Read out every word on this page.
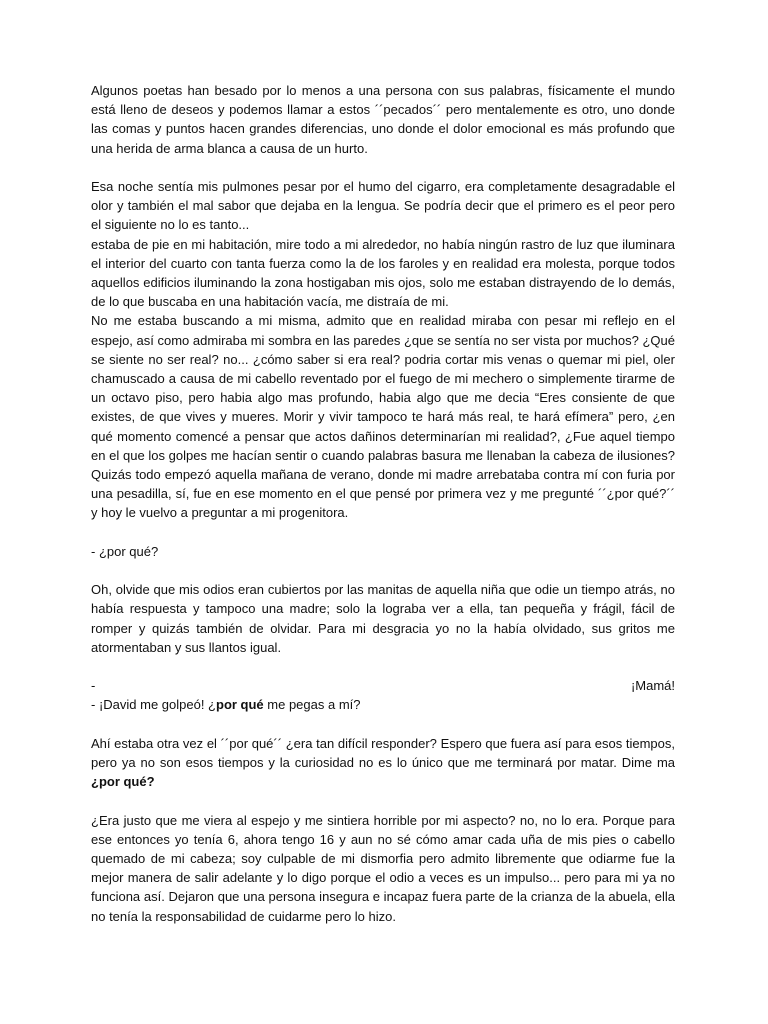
Algunos poetas han besado por lo menos a una persona con sus palabras, físicamente el mundo está lleno de deseos y podemos llamar a estos ´´pecados´´ pero mentalemente es otro, uno donde las comas y puntos hacen grandes diferencias, uno donde el dolor emocional es más profundo que una herida de arma blanca a causa de un hurto.

Esa noche sentía mis pulmones pesar por el humo del cigarro, era completamente desagradable el olor y también el mal sabor que dejaba en la lengua. Se podría decir que el primero es el peor pero el siguiente no lo es tanto...

estaba de pie en mi habitación, mire todo a mi alrededor, no había ningún rastro de luz que iluminara el interior del cuarto con tanta fuerza como la de los faroles y en realidad era molesta, porque todos aquellos edificios iluminando la zona hostigaban mis ojos, solo me estaban distrayendo de lo demás, de lo que buscaba en una habitación vacía, me distraía de mi.

No me estaba buscando a mi misma, admito que en realidad miraba con pesar mi reflejo en el espejo, así como admiraba mi sombra en las paredes ¿que se sentía no ser vista por muchos? ¿Qué se siente no ser real? no... ¿cómo saber si era real? podria cortar mis venas o quemar mi piel, oler chamuscado a causa de mi cabello reventado por el fuego de mi mechero o simplemente tirarme de un octavo piso, pero habia algo mas profundo, habia algo que me decia “Eres consiente de que existes, de que vives y mueres. Morir y vivir tampoco te hará más real, te hará efímera” pero, ¿en qué momento comencé a pensar que actos dañinos determinarían mi realidad?, ¿Fue aquel tiempo en el que los golpes me hacían sentir o cuando palabras basura me llenaban la cabeza de ilusiones? Quizás todo empezó aquella mañana de verano, donde mi madre arrebataba contra mí con furia por una pesadilla, sí, fue en ese momento en el que pensé por primera vez y me pregunté ´´¿por qué?´´ y hoy le vuelvo a preguntar a mi progenitora.

- ¿por qué?

Oh, olvide que mis odios eran cubiertos por las manitas de aquella niña que odie un tiempo atrás, no había respuesta y tampoco una madre; solo la lograba ver a ella, tan pequeña y frágil, fácil de romper y quizás también de olvidar. Para mi desgracia yo no la había olvidado, sus gritos me atormentaban y sus llantos igual.

-	¡Mamá!

- ¡David me golpeó! ¿por qué me pegas a mí?

Ahí estaba otra vez el ´´por qué´´ ¿era tan difícil responder? Espero que fuera así para esos tiempos, pero ya no son esos tiempos y la curiosidad no es lo único que me terminará por matar. Dime ma ¿por qué?

¿Era justo que me viera al espejo y me sintiera horrible por mi aspecto? no, no lo era. Porque para ese entonces yo tenía 6, ahora tengo 16 y aun no sé cómo amar cada uña de mis pies o cabello quemado de mi cabeza; soy culpable de mi dismorfia pero admito libremente que odiarme fue la mejor manera de salir adelante y lo digo porque el odio a veces es un impulso... pero para mi ya no funciona así. Dejaron que una persona insegura e incapaz fuera parte de la crianza de la abuela, ella no tenía la responsabilidad de cuidarme pero lo hizo.
